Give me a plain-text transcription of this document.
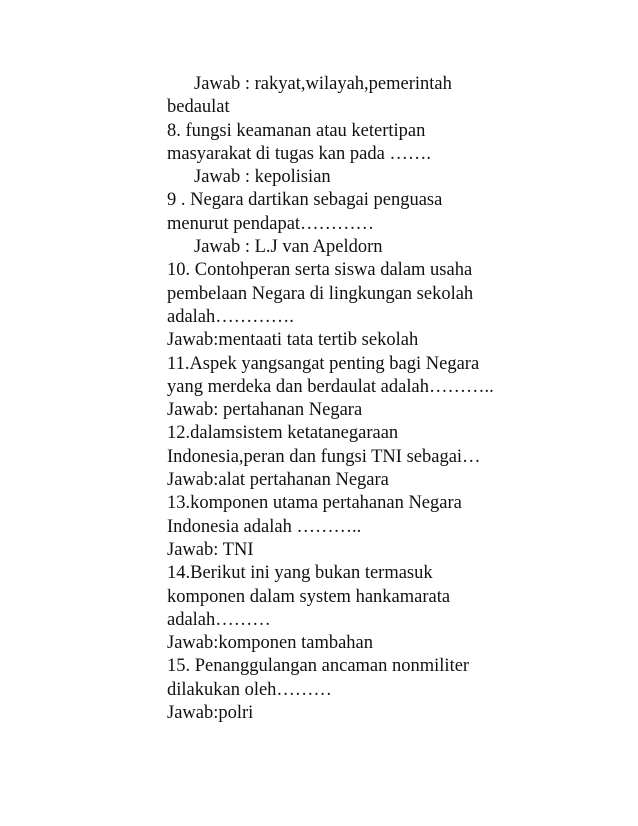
Jawab : rakyat,wilayah,pemerintah
bedaulat
8. fungsi keamanan atau ketertipan
masyarakat di tugas kan pada …….
Jawab : kepolisian
9 . Negara dartikan sebagai penguasa
menurut pendapat…………
Jawab : L.J van Apeldorn
10. Contohperan serta siswa dalam usaha
pembelaan Negara di lingkungan sekolah
adalah………….
Jawab:mentaati tata tertib sekolah
11.Aspek yangsangat penting bagi Negara
yang merdeka dan berdaulat adalah………..
Jawab: pertahanan Negara
12.dalamsistem ketatanegaraan
Indonesia,peran dan fungsi TNI sebagai…
Jawab:alat pertahanan Negara
13.komponen utama pertahanan Negara
Indonesia adalah ………..
Jawab: TNI
14.Berikut ini yang bukan termasuk
komponen dalam system hankamarata
adalah………
Jawab:komponen tambahan
15. Penanggulangan ancaman nonmiliter
dilakukan oleh………
Jawab:polri
